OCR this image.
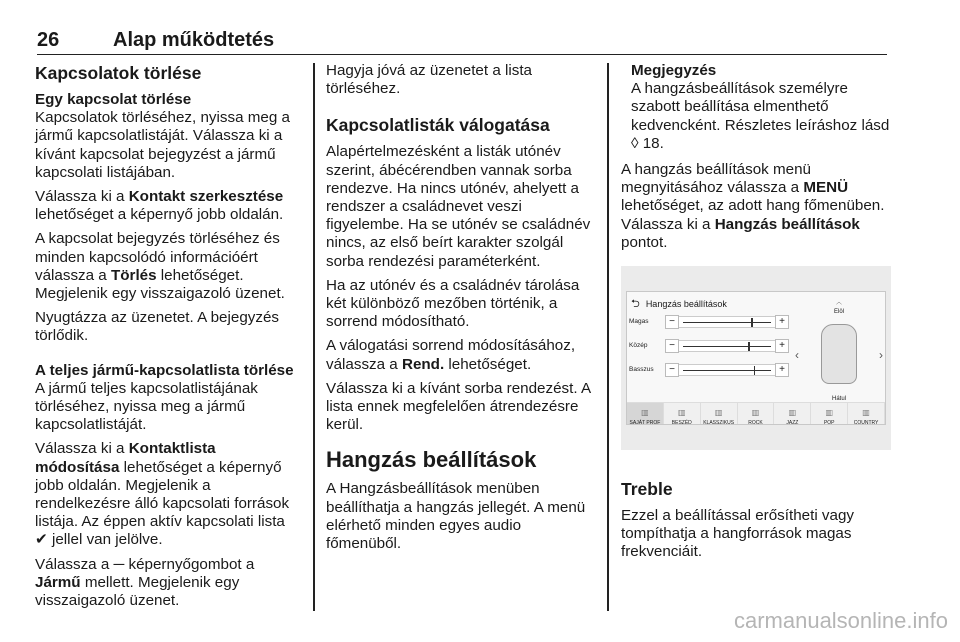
26	Alap működtetés
Kapcsolatok törlése
Egy kapcsolat törlése

Kapcsolatok törléséhez, nyissa meg a jármű kapcsolatlistáját. Válassza ki a kívánt kapcsolat bejegyzést a jármű kapcsolati listájában.

Válassza ki a Kontakt szerkesztése lehetőséget a képernyő jobb oldalán.

A kapcsolat bejegyzés törléséhez és minden kapcsolódó információért válassza a Törlés lehetőséget. Megjelenik egy visszaigazoló üzenet.

Nyugtázza az üzenetet. A bejegyzés törlődik.

A teljes jármű-kapcsolatlista törlése

A jármű teljes kapcsolatlistájának törléséhez, nyissa meg a jármű kapcsolatlistáját.

Válassza ki a Kontaktlista módosítása lehetőséget a képernyő jobb oldalán. Megjelenik a rendelkezésre álló kapcsolati források listája. Az éppen aktív kapcsolati lista ✔ jellel van jelölve.

Válassza a ─ képernyőgombot a Jármű mellett. Megjelenik egy visszaigazoló üzenet.

Hagyja jóvá az üzenetet a lista törléséhez.

Kapcsolatlisták válogatása

Alapértelmezésként a listák utónév szerint, ábécérendben vannak sorba rendezve. Ha nincs utónév, ahelyett a rendszer a családnevet veszi figyelembe. Ha se utónév se családnév nincs, az első beírt karakter szolgál sorba rendezési paraméterként.

Ha az utónév és a családnév tárolása két különböző mezőben történik, a sorrend módosítható.

A válogatási sorrend módosításához, válassza a Rend. lehetőséget.

Válassza ki a kívánt sorba rendezést. A lista ennek megfelelően átrendezésre kerül.

Hangzás beállítások

A Hangzásbeállítások menüben beállíthatja a hangzás jellegét. A menü elérhető minden egyes audio főmenüből.

Megjegyzés
A hangzásbeállítások személyre szabott beállítása elmenthető kedvencként. Részletes leíráshoz lásd ◊ 18.

A hangzás beállítások menü megnyitásához válassza a MENÜ lehetőséget, az adott hang főmenüben. Válassza ki a Hangzás beállítások pontot.

⮌ Hangzás beállítások
Magas	−	+
Közép	−	+
Basszus	−	+
︿
Elöl
‹	›
Hátul
▥ SAJÁT PROF	▥ BESZÉD	▥ KLASSZIKUS	▥ ROCK	▥ JAZZ	▥ POP	▥ COUNTRY
Treble

Ezzel a beállítással erősítheti vagy tompíthatja a hangforrások magas frekvenciáit.

carmanualsonline.info
